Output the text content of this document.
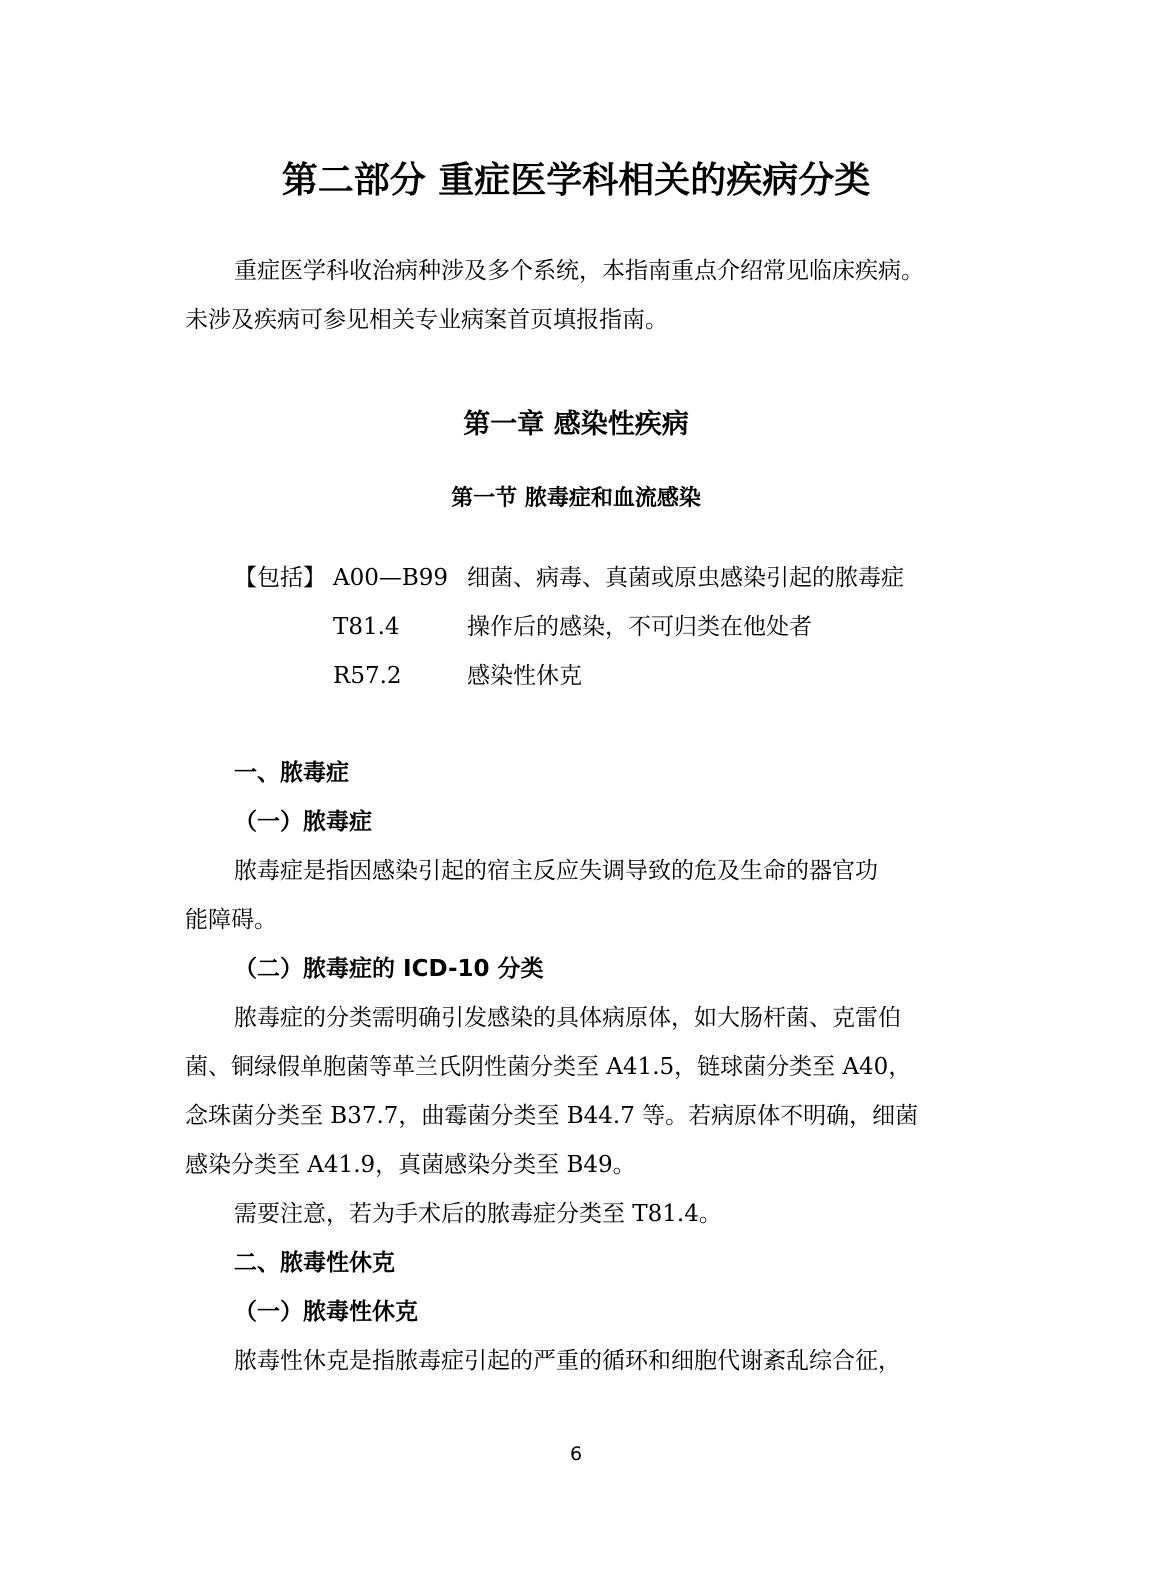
第二部分 重症医学科相关的疾病分类
重症医学科收治病种涉及多个系统，本指南重点介绍常见临床疾病。
未涉及疾病可参见相关专业病案首页填报指南。
第一章 感染性疾病
第一节 脓毒症和血流感染
【包括】 A00—B99 细菌、病毒、真菌或原虫感染引起的脓毒症
T81.4	操作后的感染，不可归类在他处者
R57.2	感染性休克
一、脓毒症
（一）脓毒症
脓毒症是指因感染引起的宿主反应失调导致的危及生命的器官功
能障碍。
（二）脓毒症的 ICD-10 分类
脓毒症的分类需明确引发感染的具体病原体，如大肠杆菌、克雷伯
菌、铜绿假单胞菌等革兰氏阴性菌分类至 A41.5，链球菌分类至 A40，
念珠菌分类至 B37.7，曲霉菌分类至 B44.7 等。若病原体不明确，细菌
感染分类至 A41.9，真菌感染分类至 B49。
需要注意，若为手术后的脓毒症分类至 T81.4。
二、脓毒性休克
（一）脓毒性休克
脓毒性休克是指脓毒症引起的严重的循环和细胞代谢紊乱综合征，
6
